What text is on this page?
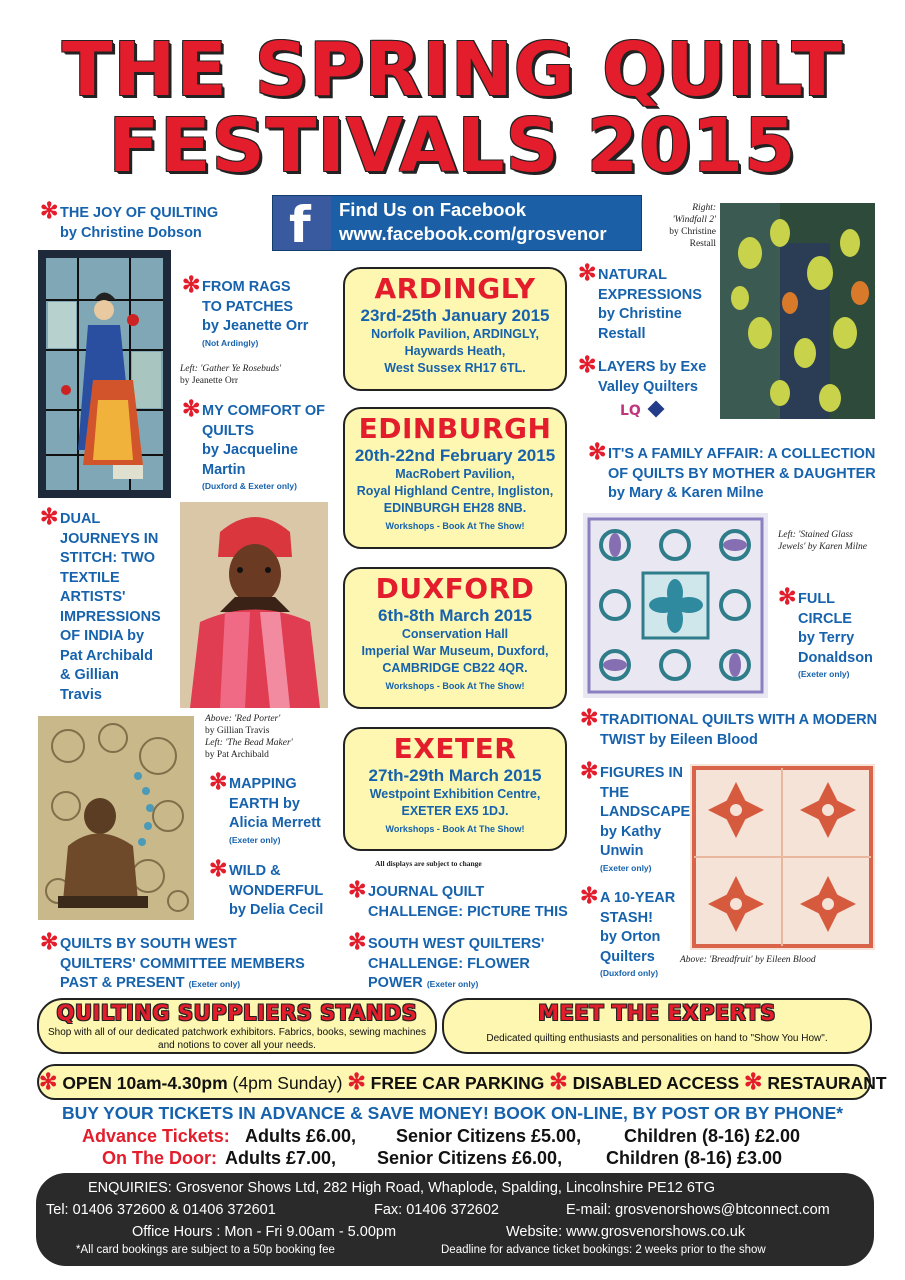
THE SPRING QUILT
FESTIVALS 2015
f Find Us on Facebook
www.facebook.com/grosvenor
✻ THE JOY OF QUILTING
by Christine Dobson
✻ FROM RAGS
TO PATCHES
by Jeanette Orr
(Not Ardingly)
Left: 'Gather Ye Rosebuds'
by Jeanette Orr
✻ MY COMFORT OF
QUILTS
by Jacqueline
Martin
(Duxford & Exeter only)
✻ DUAL
JOURNEYS IN
STITCH: TWO
TEXTILE
ARTISTS'
IMPRESSIONS
OF INDIA by
Pat Archibald
& Gillian
Travis
Above: 'Red Porter'
by Gillian Travis
Left: 'The Bead Maker'
by Pat Archibald
✻ MAPPING
EARTH by
Alicia Merrett
(Exeter only)
✻ WILD &
WONDERFUL
by Delia Cecil
✻ QUILTS BY SOUTH WEST
QUILTERS' COMMITTEE MEMBERS
PAST & PRESENT (Exeter only)
ARDINGLY
23rd-25th January 2015
Norfolk Pavilion, ARDINGLY,
Haywards Heath,
West Sussex RH17 6TL.
EDINBURGH
20th-22nd February 2015
MacRobert Pavilion,
Royal Highland Centre, Ingliston,
EDINBURGH EH28 8NB.
Workshops - Book At The Show!
DUXFORD
6th-8th March 2015
Conservation Hall
Imperial War Museum, Duxford,
CAMBRIDGE CB22 4QR.
Workshops - Book At The Show!
EXETER
27th-29th March 2015
Westpoint Exhibition Centre,
EXETER EX5 1DJ.
Workshops - Book At The Show!
All displays are subject to change
✻ JOURNAL QUILT
CHALLENGE: PICTURE THIS
✻ SOUTH WEST QUILTERS'
CHALLENGE: FLOWER
POWER (Exeter only)
Right:
'Windfall 2'
by Christine
Restall
✻ NATURAL
EXPRESSIONS
by Christine
Restall
✻ LAYERS by Exe
Valley Quilters
LQ
✻ IT'S A FAMILY AFFAIR: A COLLECTION
OF QUILTS BY MOTHER & DAUGHTER
by Mary & Karen Milne
Left: 'Stained Glass
Jewels' by Karen Milne
✻ FULL
CIRCLE
by Terry
Donaldson
(Exeter only)
✻ TRADITIONAL QUILTS WITH A MODERN
TWIST by Eileen Blood
✻ FIGURES IN
THE
LANDSCAPE
by Kathy
Unwin
(Exeter only)
✻ A 10-YEAR
STASH!
by Orton
Quilters
(Duxford only)
Above: 'Breadfruit' by Eileen Blood
QUILTING SUPPLIERS STANDS
Shop with all of our dedicated patchwork exhibitors. Fabrics, books, sewing machines
and notions to cover all your needs.
MEET THE EXPERTS
Dedicated quilting enthusiasts and personalities on hand to "Show You How".
✻ OPEN 10am-4.30pm (4pm Sunday) ✻ FREE CAR PARKING ✻ DISABLED ACCESS ✻ RESTAURANT
BUY YOUR TICKETS IN ADVANCE & SAVE MONEY! BOOK ON-LINE, BY POST OR BY PHONE*
Advance Tickets: Adults £6.00, Senior Citizens £5.00, Children (8-16) £2.00
On The Door: Adults £7.00, Senior Citizens £6.00, Children (8-16) £3.00
ENQUIRIES: Grosvenor Shows Ltd, 282 High Road, Whaplode, Spalding, Lincolnshire PE12 6TG
Tel: 01406 372600 & 01406 372601	Fax: 01406 372602	E-mail: grosvenorshows@btconnect.com
Office Hours : Mon - Fri 9.00am - 5.00pm	Website: www.grosvenorshows.co.uk
*All card bookings are subject to a 50p booking fee	Deadline for advance ticket bookings: 2 weeks prior to the show
